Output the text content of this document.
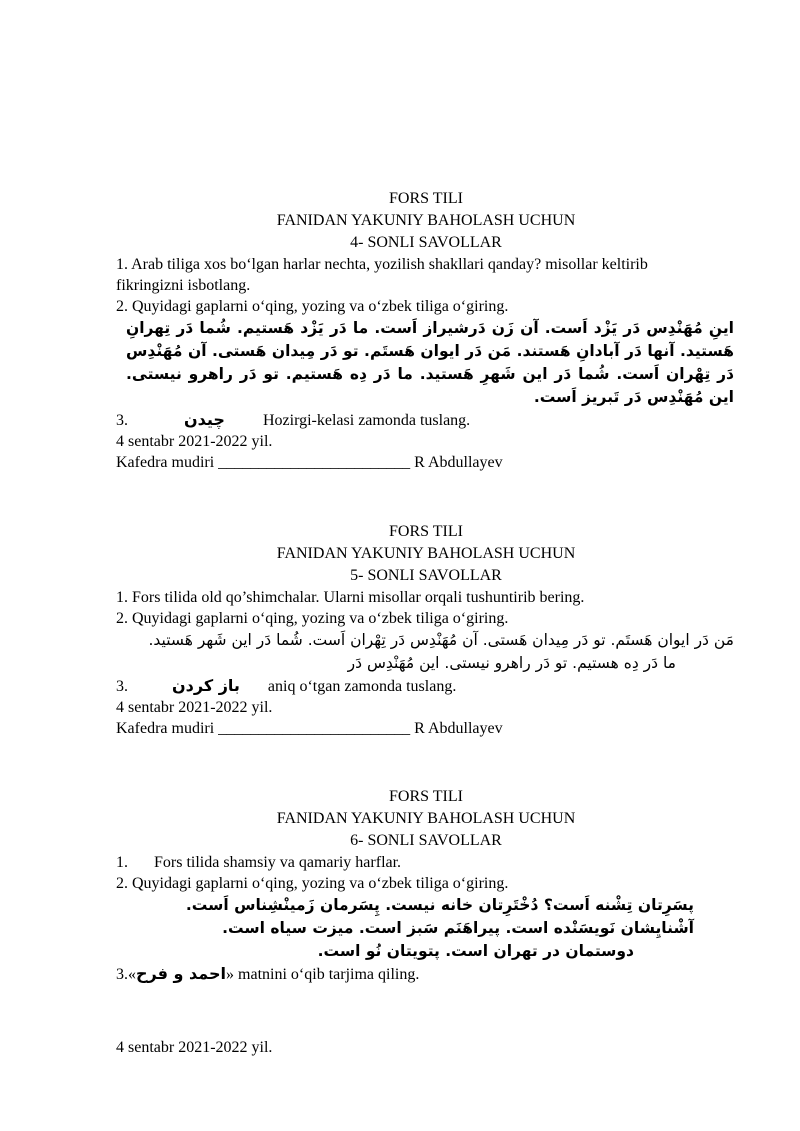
FORS TILI
FANIDAN YAKUNIY BAHOLASH UCHUN
4- SONLI SAVOLLAR
1. Arab tiliga xos bo‘lgan harlar nechta, yozilish shakllari qanday? misollar keltirib fikringizni isbotlang.
2. Quyidagi gaplarni o‘qing, yozing va o‘zbek tiliga o‘giring.
اینِ مُهَنْدِس دَر یَزْد اَست. آن زَن دَرشیراز اَست. ما دَر یَزْد هَستیم. شُما دَر تِهرانِ هَستید. آنها دَر آبادانِ هَستند. مَن دَر ایوان هَستَم. تو دَر مِیدان هَستی. آن مُهَنْدِس دَر تِهْران اَست. شُما دَر این شَهرِ هَستید. ما دَر دِه هَستیم. تو دَر راهرو نیستی. این مُهَنْدِس دَر تَبریز اَست.
3.	چیدن Hozirgi-kelasi zamonda tuslang.
4 sentabr 2021-2022 yil.
Kafedra mudiri ________________________ R Abdullayev
FORS TILI
FANIDAN YAKUNIY BAHOLASH UCHUN
5- SONLI SAVOLLAR
1. Fors tilida old qo’shimchalar. Ularni misollar orqali tushuntirib bering.
2. Quyidagi gaplarni o‘qing, yozing va o‘zbek tiliga o‘giring.
مَن دَر ایوان هَستَم. تو دَر مِیدان هَستی. آن مُهَنْدِس دَر تِهْران اَست. شُما دَر این شَهر هَستید.
ما دَر دِه هستیم. تو دَر راهرو نیستی. این مُهَنْدِس دَر
3.	باز کردن aniq o‘tgan zamonda tuslang.
4 sentabr 2021-2022 yil.
Kafedra mudiri ________________________ R Abdullayev
FORS TILI
FANIDAN YAKUNIY BAHOLASH UCHUN
6- SONLI SAVOLLAR
1. Fors tilida shamsiy va qamariy harflar.
2. Quyidagi gaplarni o‘qing, yozing va o‘zbek tiliga o‘giring.
پسَرِتان تِشْنه اَست؟ دُخْتَرِتان خانه نیست. پِسَرمان زَمینْشِناس اَست.
آشْنایِشان نَویسَنْده است. پیراهَنَم سَبز است. میزت سیاه است.
دوستمان در تهران است. پتویتان نُو است.
3.«احمد و فرح» matnini o‘qib tarjima qiling.
4 sentabr 2021-2022 yil.
